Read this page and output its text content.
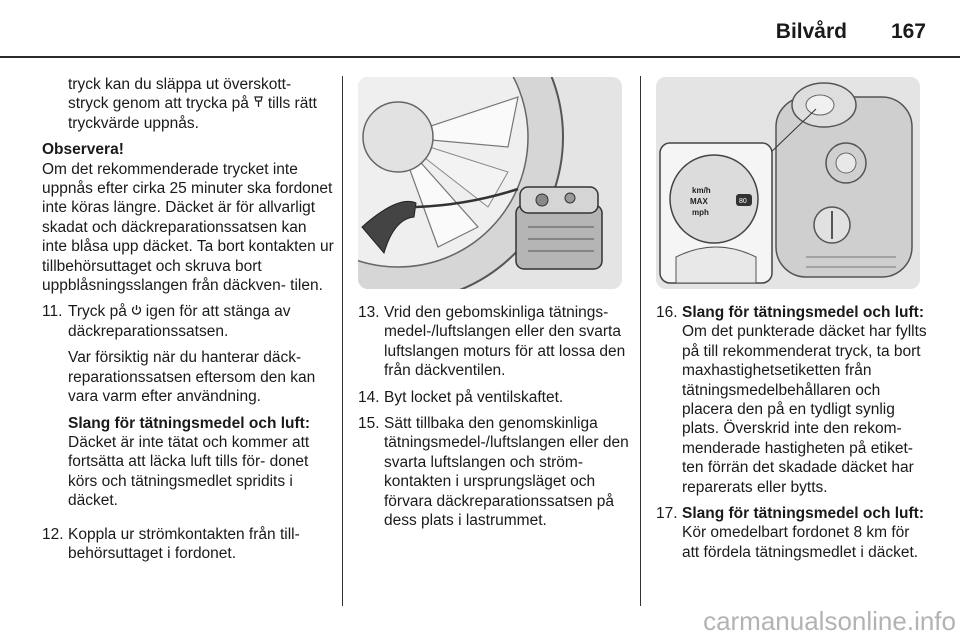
Bilvård	167

tryck kan du släppa ut överskott- stryck genom att trycka på tills rätt tryckvärde uppnås.

Observera!

Om det rekommenderade trycket inte uppnås efter cirka 25 minuter ska fordonet inte köras längre. Däcket är för allvarligt skadat och däckreparationssatsen kan inte blåsa upp däcket. Ta bort kontakten ur tillbehörsuttaget och skruva bort uppblåsningsslangen från däckven- tilen.

11. Tryck på igen för att stänga av däckreparationssatsen.

Var försiktig när du hanterar däck- reparationssatsen eftersom den kan vara varm efter användning.

Slang för tätningsmedel och luft:

Däcket är inte tätat och kommer att fortsätta att läcka luft tills för- donet körs och tätningsmedlet spridits i däcket.

12. Koppla ur strömkontakten från till- behörsuttaget i fordonet.
13. Vrid den gebomskinliga tätnings- medel-/luftslangen eller den svarta luftslangen moturs för att lossa den från däckventilen.
14. Byt locket på ventilskaftet.
15. Sätt tillbaka den genomskinliga tätningsmedel-/luftslangen eller den svarta luftslangen och ström- kontakten i ursprungsläget och förvara däckreparationssatsen på dess plats i lastrummet.
km/h
MAX
mph
80
16. Slang för tätningsmedel och luft:
Om det punkterade däcket har fyllts på till rekommenderat tryck, ta bort maxhastighetsetiketten från tätningsmedelbehållaren och placera den på en tydligt synlig plats. Överskrid inte den rekom- menderade hastigheten på etiket- ten förrän det skadade däcket har reparerats eller bytts.
17. Slang för tätningsmedel och luft:
Kör omedelbart fordonet 8 km för att fördela tätningsmedlet i däcket.
carmanualsonline.info
